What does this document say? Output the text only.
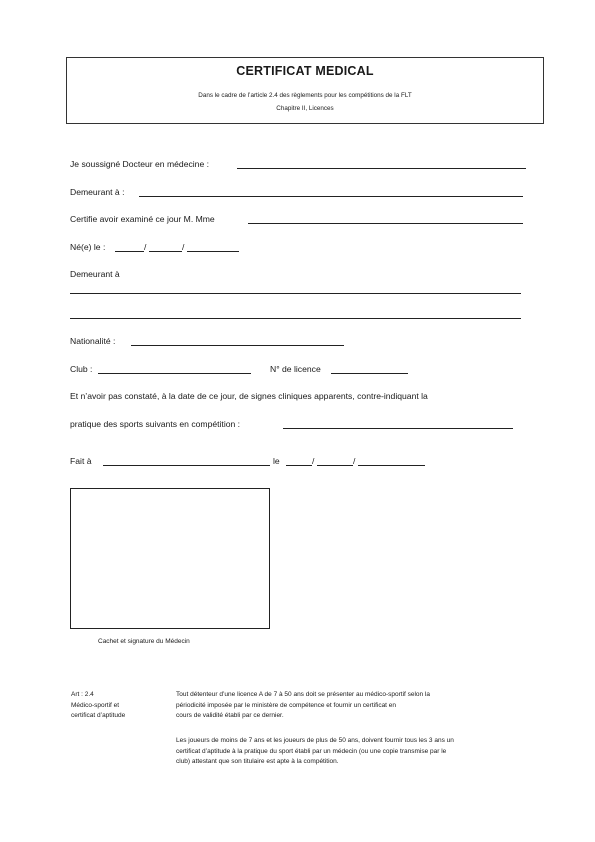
CERTIFICAT MEDICAL
Dans le cadre de l’article 2.4 des règlements pour les compétitions de la FLT
Chapitre II, Licences
Je soussigné Docteur en médecine :
Demeurant à :
Certifie avoir examiné ce jour M. Mme
Né(e) le :	/	/
Demeurant à
Nationalité :
Club :	N° de licence
Et n’avoir pas constaté, à la date de ce jour, de signes cliniques apparents, contre-indiquant la
pratique des sports suivants en compétition :
Fait à	le	/	/
Cachet et signature du Médecin
Art : 2.4
Médico-sportif et
certificat d’aptitude
Tout détenteur d’une licence A de 7 à 50 ans doit se présenter au médico-sportif selon la
périodicité imposée par le ministère de compétence et fournir un certificat en
cours de validité établi par ce dernier.
Les joueurs de moins de 7 ans et les joueurs de plus de 50 ans, doivent fournir tous les 3 ans un
certificat d’aptitude à la pratique du sport établi par un médecin (ou une copie transmise par le
club) attestant que son titulaire est apte à la compétition.
